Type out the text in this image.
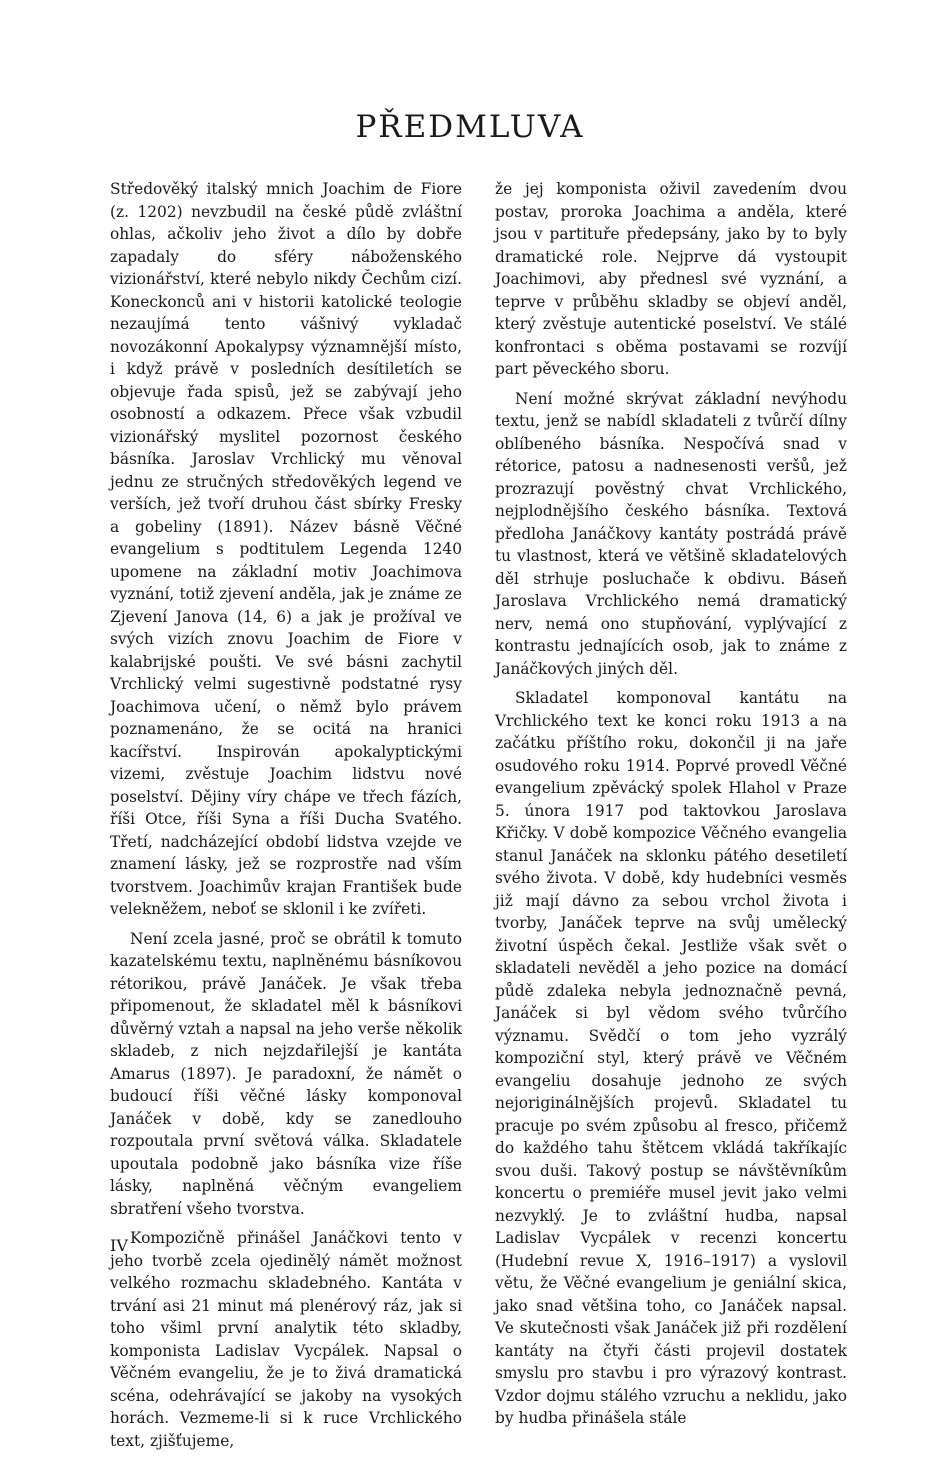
PŘEDMLUVA

Středověký italský mnich Joachim de Fiore (z. 1202) nevzbudil na české půdě zvláštní ohlas, ačkoliv jeho život a dílo by dobře zapadaly do sféry náboženského vizionářství, které nebylo nikdy Čechům cizí. Koneckonců ani v historii katolické teologie nezaujímá tento vášnivý vykladač novozákonní Apokalypsy významnější místo, i když právě v posledních desítiletích se objevuje řada spisů, jež se zabývají jeho osobností a odkazem. Přece však vzbudil vizionářský myslitel pozornost českého básníka. Jaroslav Vrchlický mu věnoval jednu ze stručných středověkých legend ve verších, jež tvoří druhou část sbírky Fresky a gobeliny (1891). Název básně Věčné evangelium s podtitulem Legenda 1240 upomene na základní motiv Joachimova vyznání, totiž zjevení anděla, jak je známe ze Zjevení Janova (14, 6) a jak je prožíval ve svých vizích znovu Joachim de Fiore v kalabrijské poušti. Ve své básni zachytil Vrchlický velmi sugestivně podstatné rysy Joachimova učení, o němž bylo právem poznamenáno, že se ocitá na hranici kacířství. Inspirován apokalyptickými vizemi, zvěstuje Joachim lidstvu nové poselství. Dějiny víry chápe ve třech fázích, říši Otce, říši Syna a říši Ducha Svatého. Třetí, nadcházející období lidstva vzejde ve znamení lásky, jež se rozprostře nad vším tvorstvem. Joachimův krajan František bude velekněžem, neboť se sklonil i ke zvířeti.

Není zcela jasné, proč se obrátil k tomuto kazatelskému textu, naplněnému básníkovou rétorikou, právě Janáček. Je však třeba připomenout, že skladatel měl k básníkovi důvěrný vztah a napsal na jeho verše několik skladeb, z nich nejzdařilejší je kantáta Amarus (1897). Je paradoxní, že námět o budoucí říši věčné lásky komponoval Janáček v době, kdy se zanedlouho rozpoutala první světová válka. Skladatele upoutala podobně jako básníka vize říše lásky, naplněná věčným evangeliem sbratření všeho tvorstva.

Kompozičně přinášel Janáčkovi tento v jeho tvorbě zcela ojedinělý námět možnost velkého rozmachu skladebného. Kantáta v trvání asi 21 minut má plenérový ráz, jak si toho všiml první analytik této skladby, komponista Ladislav Vycpálek. Napsal o Věčném evangeliu, že je to živá dramatická scéna, odehrávající se jakoby na vysokých horách. Vezmeme-li si k ruce Vrchlického text, zjišťujeme,

že jej komponista oživil zavedením dvou postav, proroka Joachima a anděla, které jsou v partituře předepsány, jako by to byly dramatické role. Nejprve dá vystoupit Joachimovi, aby přednesl své vyznání, a teprve v průběhu skladby se objeví anděl, který zvěstuje autentické poselství. Ve stálé konfrontaci s oběma postavami se rozvíjí part pěveckého sboru.

Není možné skrývat základní nevýhodu textu, jenž se nabídl skladateli z tvůrčí dílny oblíbeného básníka. Nespočívá snad v rétorice, patosu a nadnesenosti veršů, jež prozrazují pověstný chvat Vrchlického, nejplodnějšího českého básníka. Textová předloha Janáčkovy kantáty postrádá právě tu vlastnost, která ve většině skladatelových děl strhuje posluchače k obdivu. Báseň Jaroslava Vrchlického nemá dramatický nerv, nemá ono stupňování, vyplývající z kontrastu jednajících osob, jak to známe z Janáčkových jiných děl.

Skladatel komponoval kantátu na Vrchlického text ke konci roku 1913 a na začátku příštího roku, dokončil ji na jaře osudového roku 1914. Poprvé provedl Věčné evangelium zpěvácký spolek Hlahol v Praze 5. února 1917 pod taktovkou Jaroslava Křičky. V době kompozice Věčného evangelia stanul Janáček na sklonku pátého desetiletí svého života. V době, kdy hudebníci vesměs již mají dávno za sebou vrchol života i tvorby, Janáček teprve na svůj umělecký životní úspěch čekal. Jestliže však svět o skladateli nevěděl a jeho pozice na domácí půdě zdaleka nebyla jednoznačně pevná, Janáček si byl vědom svého tvůrčího významu. Svědčí o tom jeho vyzrálý kompoziční styl, který právě ve Věčném evangeliu dosahuje jednoho ze svých nejoriginálnějších projevů. Skladatel tu pracuje po svém způsobu al fresco, přičemž do každého tahu štětcem vkládá takříkajíc svou duši. Takový postup se návštěvníkům koncertu o premiéře musel jevit jako velmi nezvyklý. Je to zvláštní hudba, napsal Ladislav Vycpálek v recenzi koncertu (Hudební revue X, 1916–1917) a vyslovil větu, že Věčné evangelium je geniální skica, jako snad většina toho, co Janáček napsal. Ve skutečnosti však Janáček již při rozdělení kantáty na čtyři části projevil dostatek smyslu pro stavbu i pro výrazový kontrast. Vzdor dojmu stálého vzruchu a neklidu, jako by hudba přinášela stále

IV
